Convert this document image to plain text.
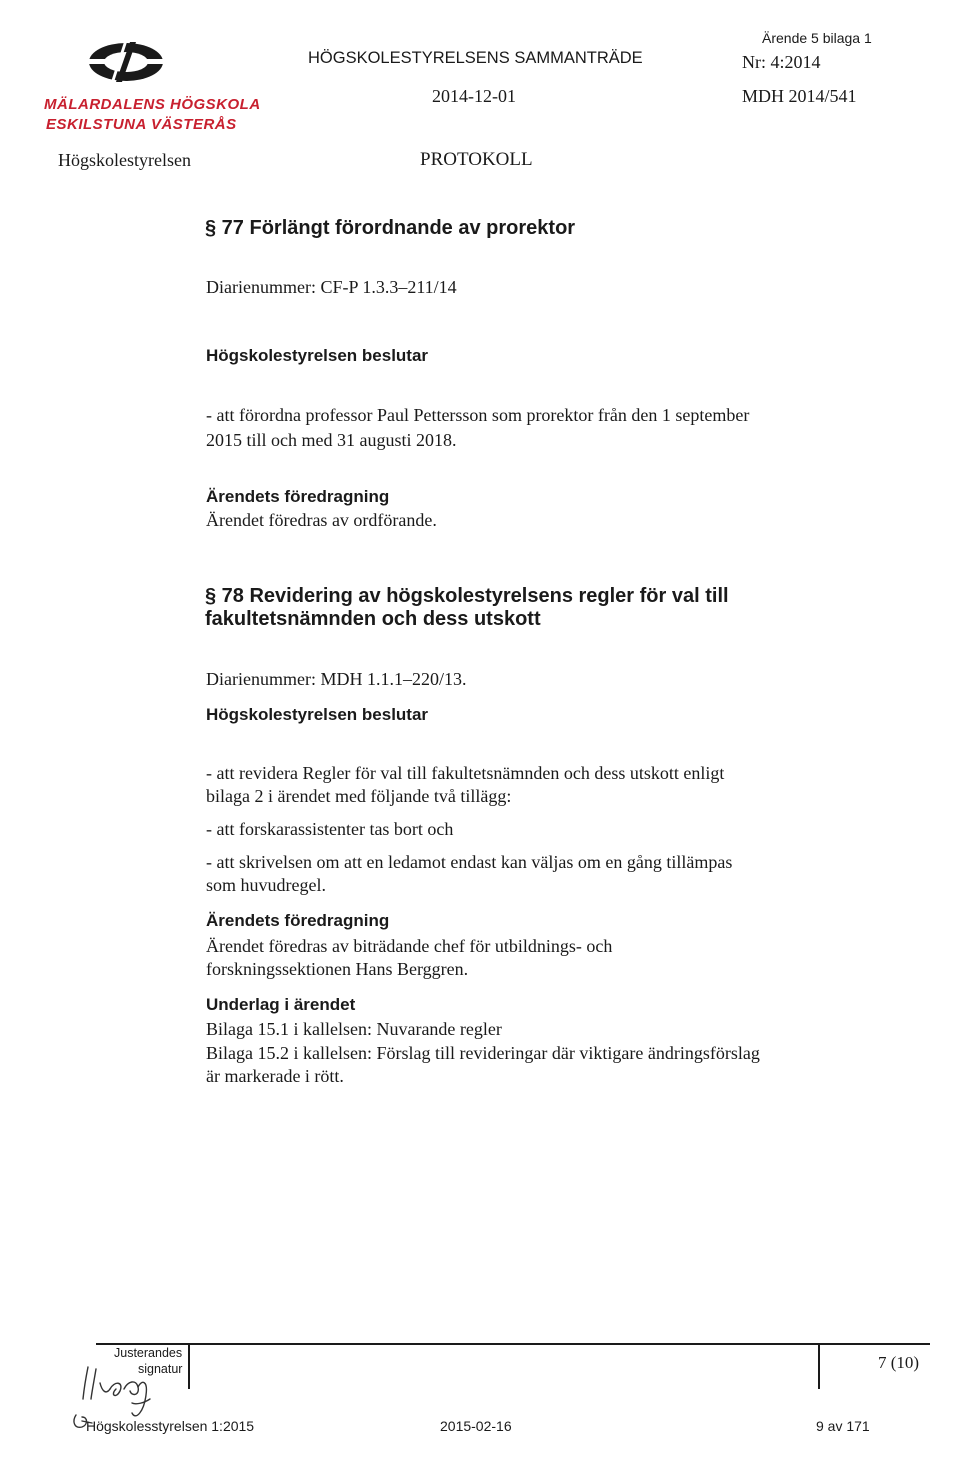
MÄLARDALENS HÖGSKOLA
ESKILSTUNA VÄSTERÅS
Högskolestyrelsen
HÖGSKOLESTYRELSENS SAMMANTRÄDE
2014-12-01
PROTOKOLL
Ärende 5 bilaga 1
Nr: 4:2014
MDH 2014/541
§ 77 Förlängt förordnande av prorektor
Diarienummer: CF-P 1.3.3–211/14
Högskolestyrelsen beslutar
- att förordna professor Paul Pettersson som prorektor från den 1 september
2015 till och med 31 augusti 2018.
Ärendets föredragning
Ärendet föredras av ordförande.
§ 78 Revidering av högskolestyrelsens regler för val till
fakultetsnämnden och dess utskott
Diarienummer: MDH 1.1.1–220/13.
Högskolestyrelsen beslutar
- att revidera Regler för val till fakultetsnämnden och dess utskott enligt
bilaga 2 i ärendet med följande två tillägg:
- att forskarassistenter tas bort och
- att skrivelsen om att en ledamot endast kan väljas om en gång tillämpas
som huvudregel.
Ärendets föredragning
Ärendet föredras av biträdande chef för utbildnings- och
forskningssektionen Hans Berggren.
Underlag i ärendet
Bilaga 15.1 i kallelsen: Nuvarande regler
Bilaga 15.2 i kallelsen: Förslag till revideringar där viktigare ändringsförslag
är markerade i rött.
Justerandes
signatur	7 (10)
Högskolesstyrelsen 1:2015	2015-02-16	9 av 171
